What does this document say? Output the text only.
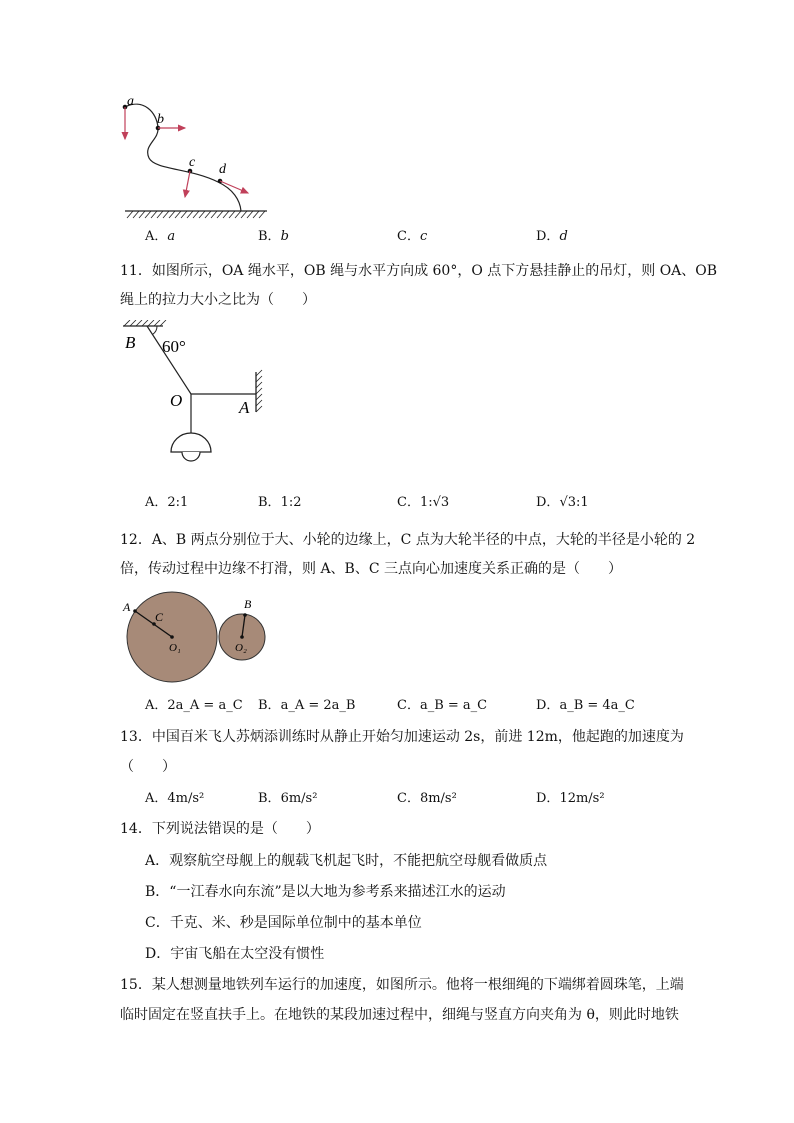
a
b
c d
A．a	B．b	C．c	D．d
11．如图所示，OA 绳水平，OB 绳与水平方向成 60°，O 点下方悬挂静止的吊灯，则 OA、OB
绳上的拉力大小之比为（　　）
B 60°
O	A
A．2:1	B．1:2	C．1:√3	D．√3:1
12．A、B 两点分别位于大、小轮的边缘上，C 点为大轮半径的中点，大轮的半径是小轮的 2
倍，传动过程中边缘不打滑，则 A、B、C 三点向心加速度关系正确的是（　　）
A
C
O₁
B
O₂
A．2a_A = a_C B．a_A = 2a_B	C．a_B = a_C	D．a_B = 4a_C
13．中国百米飞人苏炳添训练时从静止开始匀加速运动 2s，前进 12m，他起跑的加速度为
（　　）
A．4m/s²	B．6m/s²	C．8m/s²	D．12m/s²
14．下列说法错误的是（　　）
A．观察航空母舰上的舰载飞机起飞时，不能把航空母舰看做质点
B．“一江春水向东流”是以大地为参考系来描述江水的运动
C．千克、米、秒是国际单位制中的基本单位
D．宇宙飞船在太空没有惯性
15．某人想测量地铁列车运行的加速度，如图所示。他将一根细绳的下端绑着圆珠笔，上端
临时固定在竖直扶手上。在地铁的某段加速过程中，细绳与竖直方向夹角为 θ，则此时地铁
